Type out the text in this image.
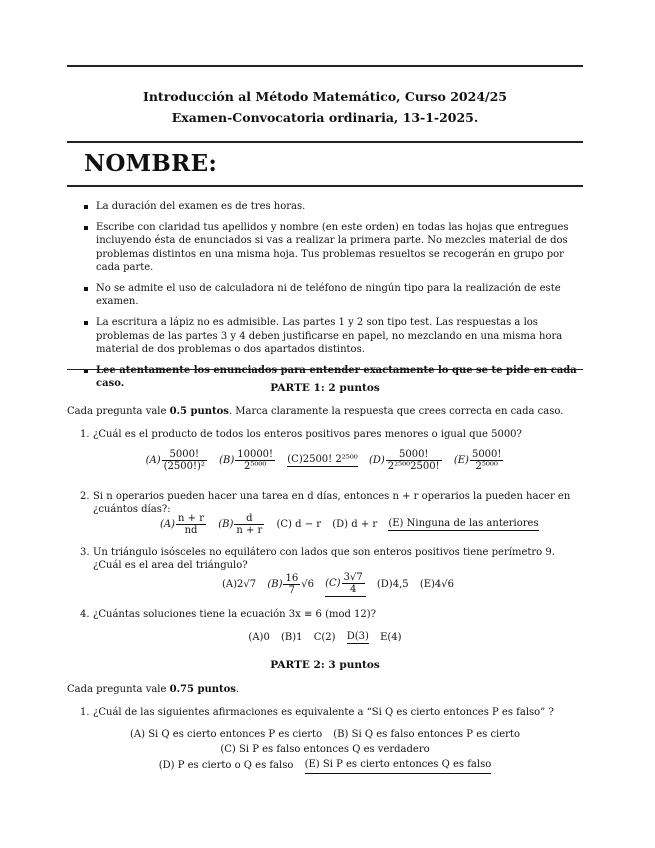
Introducción al Método Matemático, Curso 2024/25
Examen-Convocatoria ordinaria, 13-1-2025.
NOMBRE:
La duración del examen es de tres horas.
Escribe con claridad tus apellidos y nombre (en este orden) en todas las hojas que entregues incluyendo ésta de enunciados si vas a realizar la primera parte. No mezcles material de dos problemas distintos en una misma hoja. Tus problemas resueltos se recogerán en grupo por cada parte.
No se admite el uso de calculadora ni de teléfono de ningún tipo para la realización de este examen.
La escritura a lápiz no es admisible. Las partes 1 y 2 son tipo test. Las respuestas a los problemas de las partes 3 y 4 deben justificarse en papel, no mezclando en una misma hora material de dos problemas o dos apartados distintos.
Lee atentamente los enunciados para entender exactamente lo que se te pide en cada caso.	PARTE 1: 2 puntos
Cada pregunta vale 0.5 puntos. Marca claramente la respuesta que crees correcta en cada caso.
1. ¿Cuál es el producto de todos los enteros positivos pares menores o igual que 5000?
$(A) \frac{5000!}{\text{(2500!)²}} (B) \frac{10000!}{\text{2⁵⁰⁰⁰}} (C)2500$! 2²⁵⁰⁰ $(D) \frac{5000!}{\text{2²⁵⁰⁰2500!}} (E) \frac{5000!}{\text{2⁵⁰⁰⁰}}$
2. Si n operarios pueden hacer una tarea en d días, entonces n + r operarios la pueden hacer en ¿cuántos días?:
$(A) \frac{n + r}{nd} (B) \frac{d}{n + r} (C) d - r$ (D) d + r (E) Ninguna de las anteriores
3. Un triángulo isósceles no equilátero con lados que son enteros positivos tiene perímetro 9. ¿Cuál es el area del triángulo?
(A)2√7 $(B) \frac{16}{7} √6$ $(C) \frac{3√7}{4} (D)4,5$ (E)4√6
4. ¿Cuántas soluciones tiene la ecuación 3x ≡ 6 (mod 12)?
(A)0 (B)1 C(2) D(3) E(4)
PARTE 2: 3 puntos
Cada pregunta vale 0.75 puntos.
1. ¿Cuál de las siguientes afirmaciones es equivalente a “Si Q es cierto entonces P es falso” ?
(A) Si Q es cierto entonces P es cierto (B) Si Q es falso entonces P es cierto
(C) Si P es falso entonces Q es verdadero
(D) P es cierto o Q es falso (E) Si P es cierto entonces Q es falso
